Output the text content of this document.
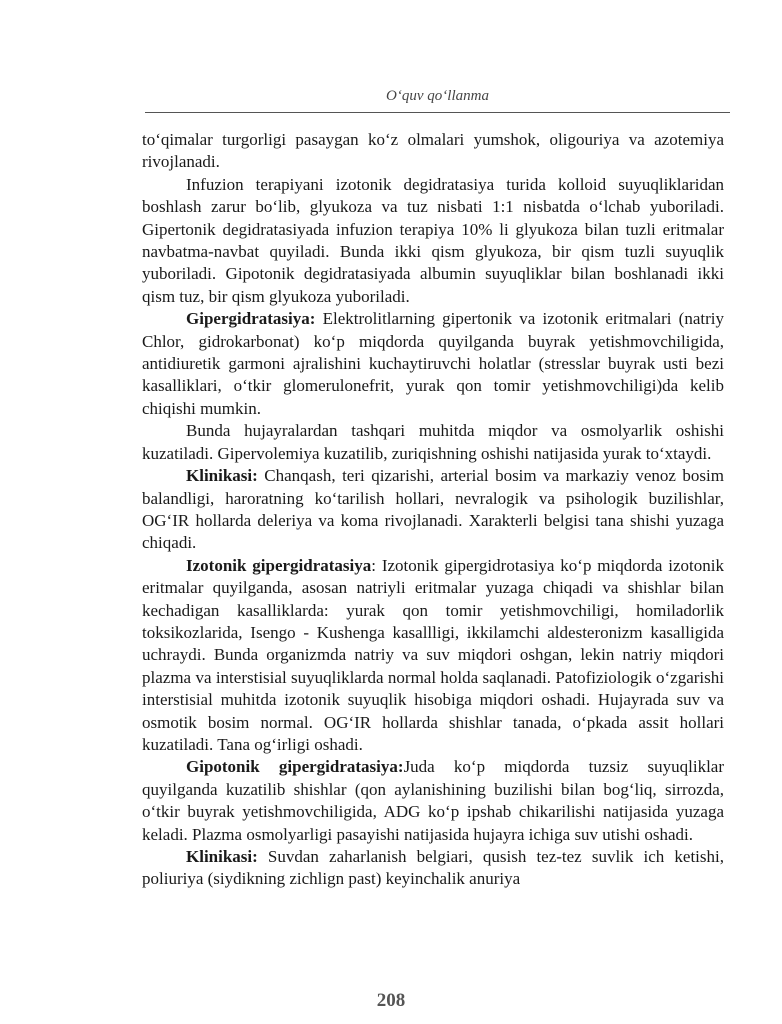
O‘quv qo‘llanma

to‘qimalar turgorligi pasaygan ko‘z olmalari yumshok, oligouriya va azotemiya rivojlanadi.

Infuzion terapiyani izotonik degidratasiya turida kolloid suyuqliklaridan boshlash zarur bo‘lib, glyukoza va tuz nisbati 1:1 nisbatda o‘lchab yuboriladi. Gipertonik degidratasiyada infuzion terapiya 10% li glyukoza bilan tuzli eritmalar navbatma-navbat quyiladi. Bunda ikki qism glyukoza, bir qism tuzli suyuqlik yuboriladi. Gipotonik degidratasiyada albumin suyuqliklar bilan boshlanadi ikki qism tuz, bir qism glyukoza yuboriladi.

Gipergidratasiya: Elektrolitlarning gipertonik va izotonik eritmalari (natriy Chlor, gidrokarbonat) ko‘p miqdorda quyilganda buyrak yetishmovchiligida, antidiuretik garmoni ajralishini kuchaytiruvchi holatlar (stresslar buyrak usti bezi kasalliklari, o‘tkir glomerulonefrit, yurak qon tomir yetishmovchiligi)da kelib chiqishi mumkin.

Bunda hujayralardan tashqari muhitda miqdor va osmolyarlik oshishi kuzatiladi. Gipervolemiya kuzatilib, zuriqishning oshishi natijasida yurak to‘xtaydi.

Klinikasi: Chanqash, teri qizarishi, arterial bosim va markaziy venoz bosim balandligi, haroratning ko‘tarilish hollari, nevralogik va psihologik buzilishlar, OG‘IR hollarda deleriya va koma rivojlanadi. Xarakterli belgisi tana shishi yuzaga chiqadi.

Izotonik gipergidratasiya: Izotonik gipergidrotasiya ko‘p miqdorda izotonik eritmalar quyilganda, asosan natriyli eritmalar yuzaga chiqadi va shishlar bilan kechadigan kasalliklarda: yurak qon tomir yetishmovchiligi, homiladorlik toksikozlarida, Isengo - Kushenga kasallligi, ikkilamchi aldesteronizm kasalligida uchraydi. Bunda organizmda natriy va suv miqdori oshgan, lekin natriy miqdori plazma va interstisial suyuqliklarda normal holda saqlanadi. Patofiziologik o‘zgarishi interstisial muhitda izotonik suyuqlik hisobiga miqdori oshadi. Hujayrada suv va osmotik bosim normal. OG‘IR hollarda shishlar tanada, o‘pkada assit hollari kuzatiladi. Tana og‘irligi oshadi.

Gipotonik gipergidratasiya:Juda ko‘p miqdorda tuzsiz suyuqliklar quyilganda kuzatilib shishlar (qon aylanishining buzilishi bilan bog‘liq, sirrozda, o‘tkir buyrak yetishmovchiligida, ADG ko‘p ipshab chikarilishi natijasida yuzaga keladi. Plazma osmolyarligi pasayishi natijasida hujayra ichiga suv utishi oshadi.

Klinikasi: Suvdan zaharlanish belgiari, qusish tez-tez suvlik ich ketishi, poliuriya (siydikning zichlign past) keyinchalik anuriya

208
